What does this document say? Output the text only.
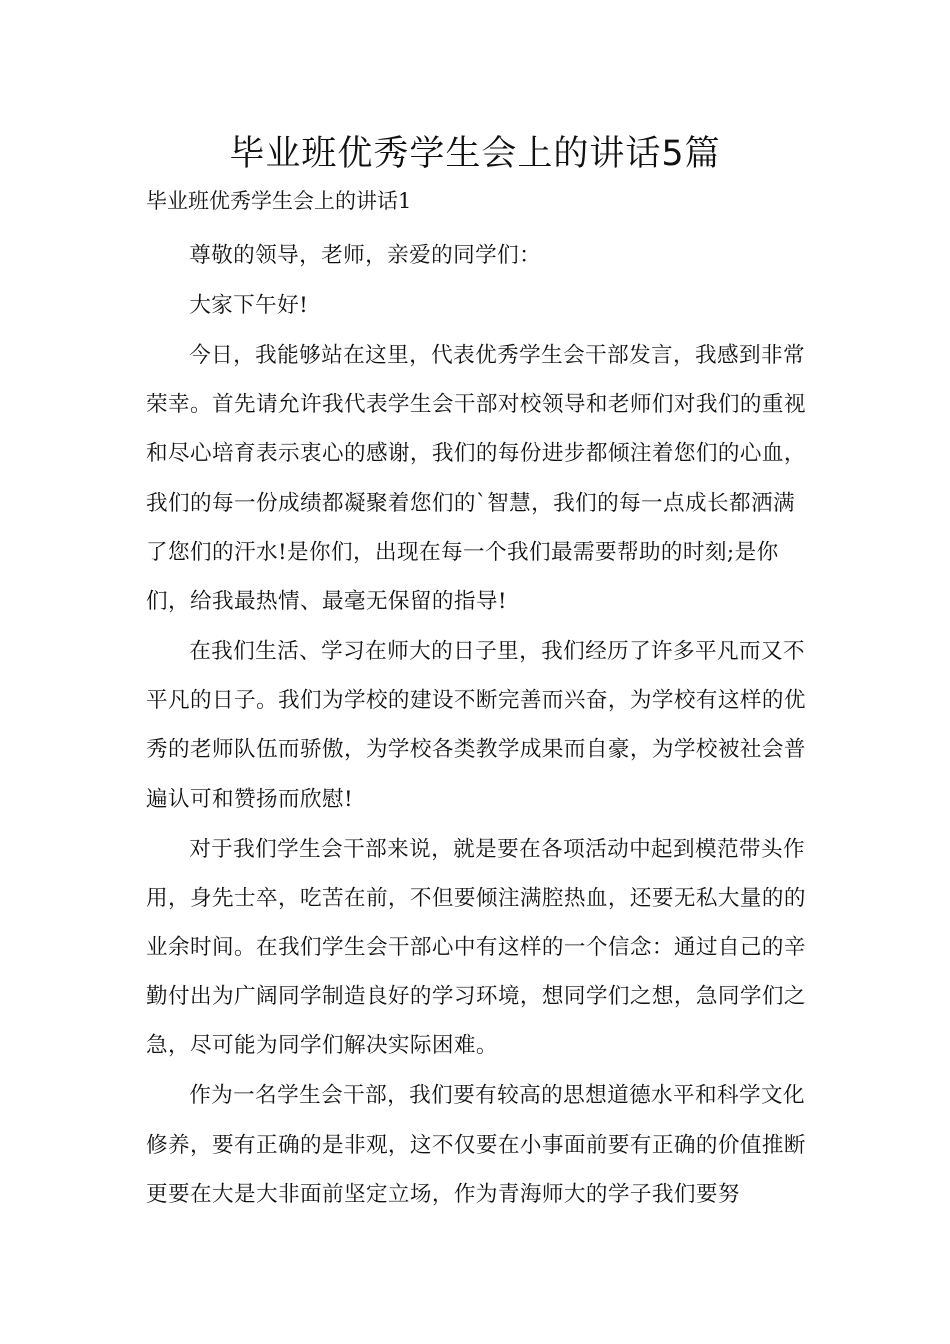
毕业班优秀学生会上的讲话5篇
毕业班优秀学生会上的讲话1

尊敬的领导，老师，亲爱的同学们：

大家下午好!

今日，我能够站在这里，代表优秀学生会干部发言，我感到非常荣幸。首先请允许我代表学生会干部对校领导和老师们对我们的重视和尽心培育表示衷心的感谢，我们的每份进步都倾注着您们的心血，我们的每一份成绩都凝聚着您们的`智慧，我们的每一点成长都洒满了您们的汗水!是你们，出现在每一个我们最需要帮助的时刻;是你们，给我最热情、最毫无保留的指导!

在我们生活、学习在师大的日子里，我们经历了许多平凡而又不平凡的日子。我们为学校的建设不断完善而兴奋，为学校有这样的优秀的老师队伍而骄傲，为学校各类教学成果而自豪，为学校被社会普遍认可和赞扬而欣慰!

对于我们学生会干部来说，就是要在各项活动中起到模范带头作用，身先士卒，吃苦在前，不但要倾注满腔热血，还要无私大量的的业余时间。在我们学生会干部心中有这样的一个信念：通过自己的辛勤付出为广阔同学制造良好的学习环境，想同学们之想，急同学们之急，尽可能为同学们解决实际困难。

作为一名学生会干部，我们要有较高的思想道德水平和科学文化修养，要有正确的是非观，这不仅要在小事面前要有正确的价值推断更要在大是大非面前坚定立场，作为青海师大的学子我们要努
